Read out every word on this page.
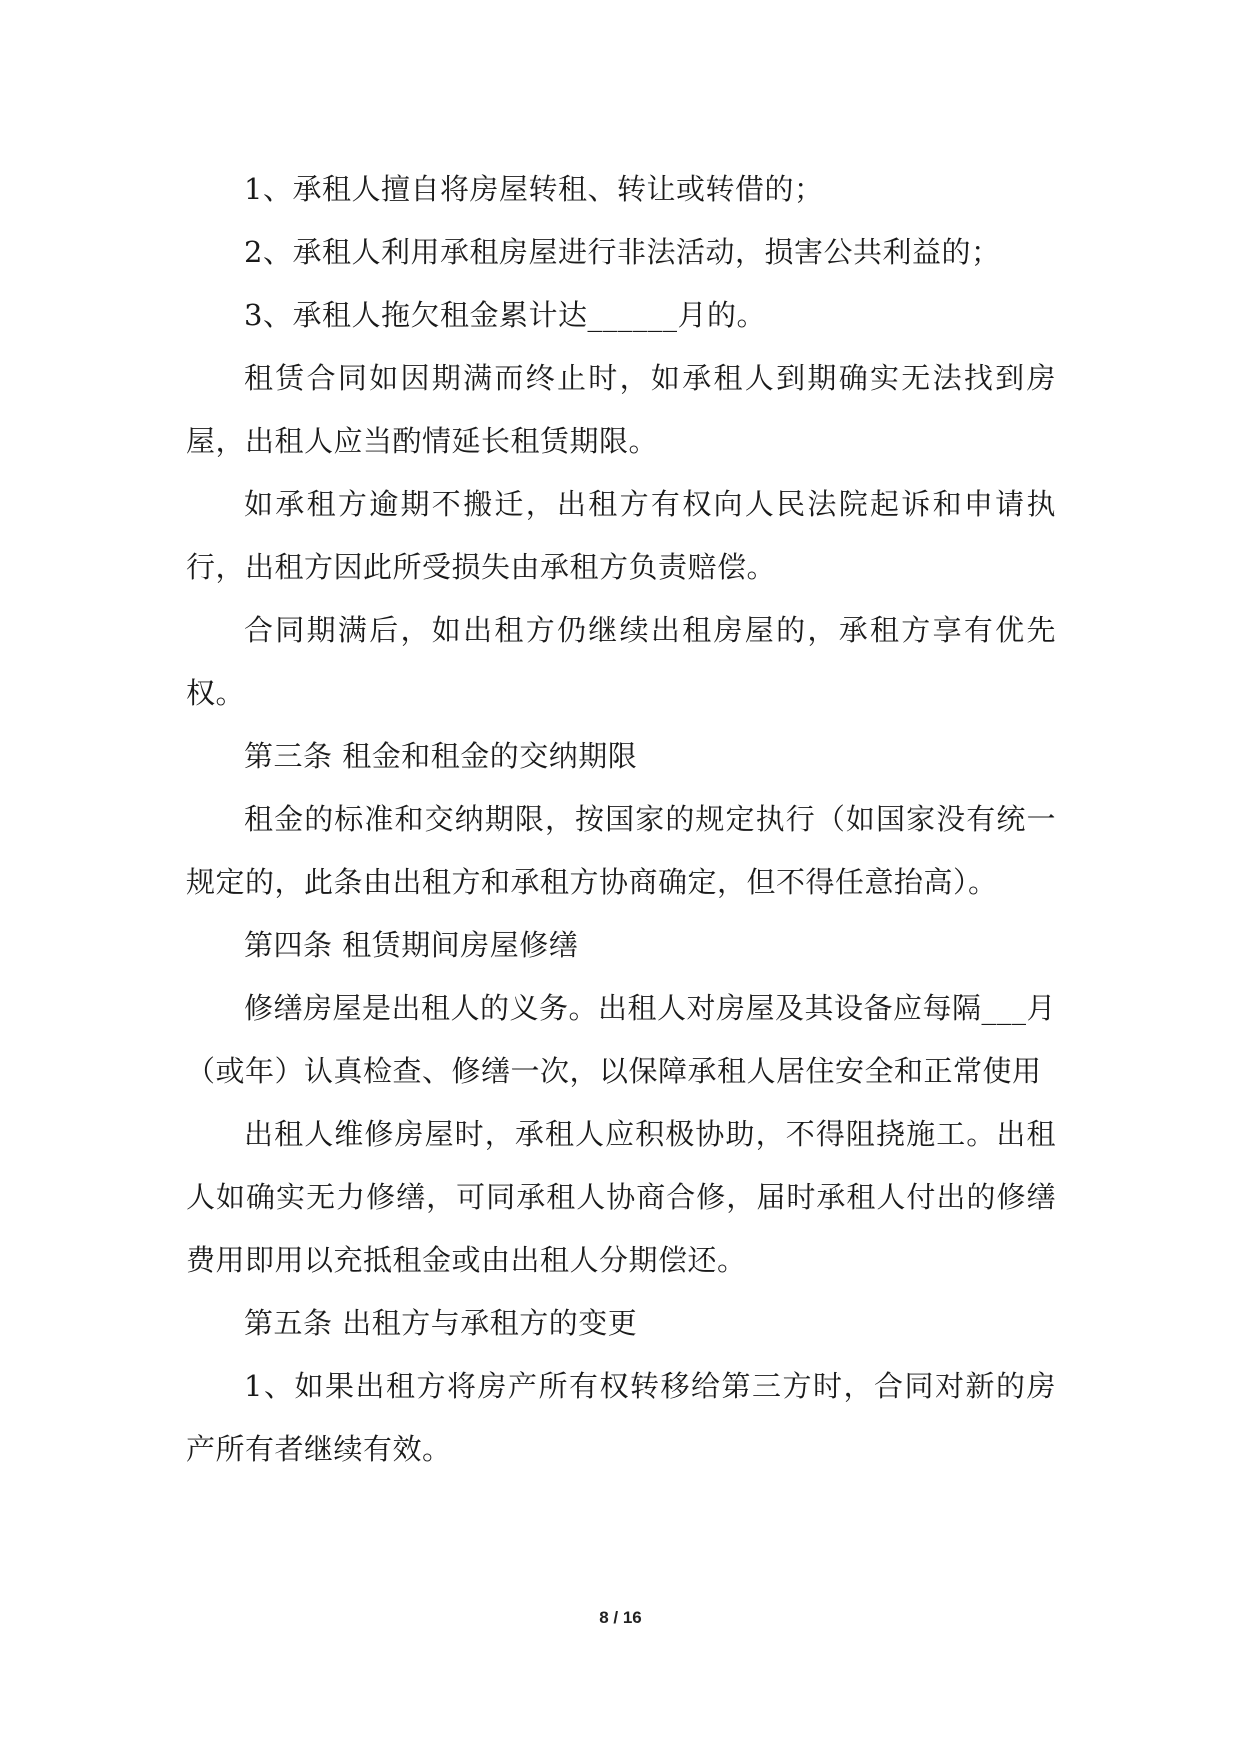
1、承租人擅自将房屋转租、转让或转借的；

2、承租人利用承租房屋进行非法活动，损害公共利益的；

3、承租人拖欠租金累计达______月的。

租赁合同如因期满而终止时，如承租人到期确实无法找到房屋，出租人应当酌情延长租赁期限。

如承租方逾期不搬迁，出租方有权向人民法院起诉和申请执行，出租方因此所受损失由承租方负责赔偿。

合同期满后，如出租方仍继续出租房屋的，承租方享有优先权。

第三条 租金和租金的交纳期限

租金的标准和交纳期限，按国家的规定执行（如国家没有统一规定的，此条由出租方和承租方协商确定，但不得任意抬高）。

第四条 租赁期间房屋修缮

修缮房屋是出租人的义务。出租人对房屋及其设备应每隔___月（或年）认真检查、修缮一次，以保障承租人居住安全和正常使用

出租人维修房屋时，承租人应积极协助，不得阻挠施工。出租人如确实无力修缮，可同承租人协商合修，届时承租人付出的修缮费用即用以充抵租金或由出租人分期偿还。

第五条 出租方与承租方的变更

1、如果出租方将房产所有权转移给第三方时，合同对新的房产所有者继续有效。

8 / 16
